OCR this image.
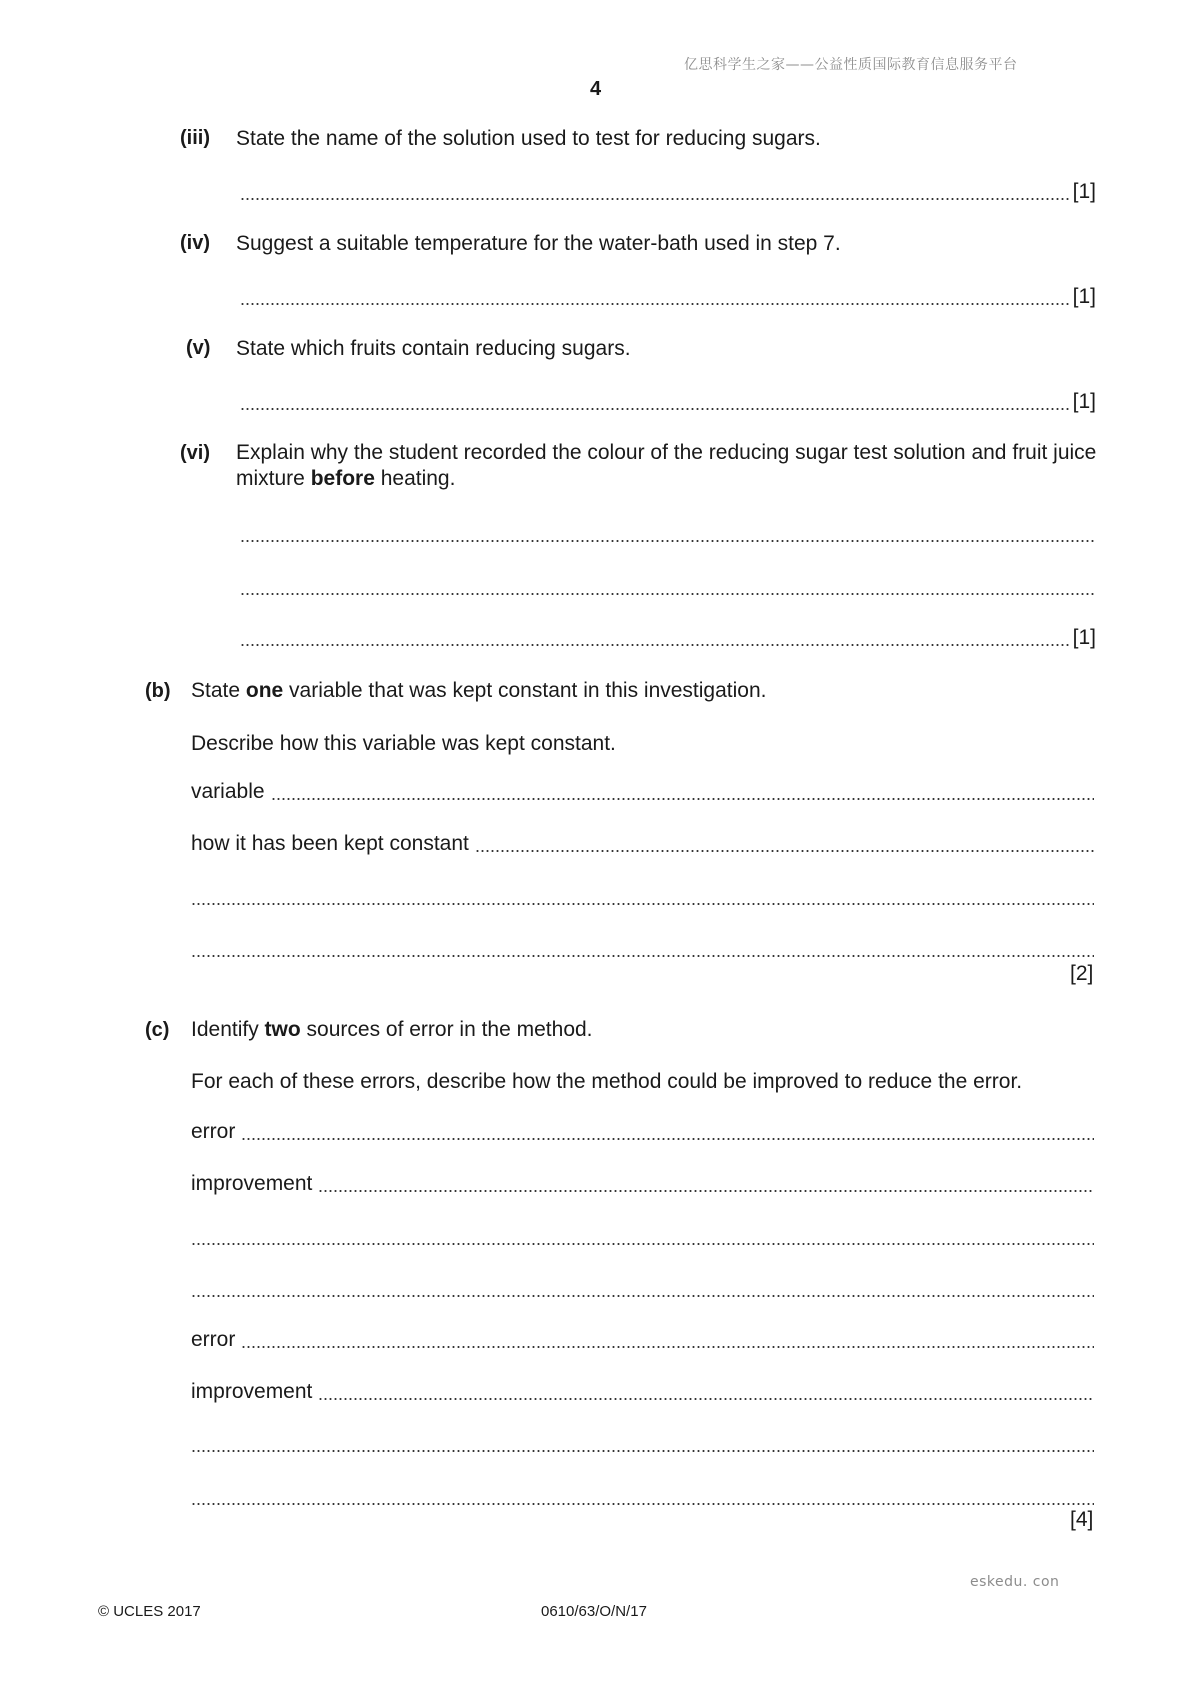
亿思科学生之家——公益性质国际教育信息服务平台
4
(iii) State the name of the solution used to test for reducing sugars.
[1]
(iv) Suggest a suitable temperature for the water-bath used in step 7.
[1]
(v) State which fruits contain reducing sugars.
[1]
(vi) Explain why the student recorded the colour of the reducing sugar test solution and fruit juice mixture before heating.
[1]
(b) State one variable that was kept constant in this investigation.
Describe how this variable was kept constant.
variable
how it has been kept constant
[2]
(c) Identify two sources of error in the method.
For each of these errors, describe how the method could be improved to reduce the error.
error
improvement
error
improvement
[4]
eskedu. con
© UCLES 2017	0610/63/O/N/17
